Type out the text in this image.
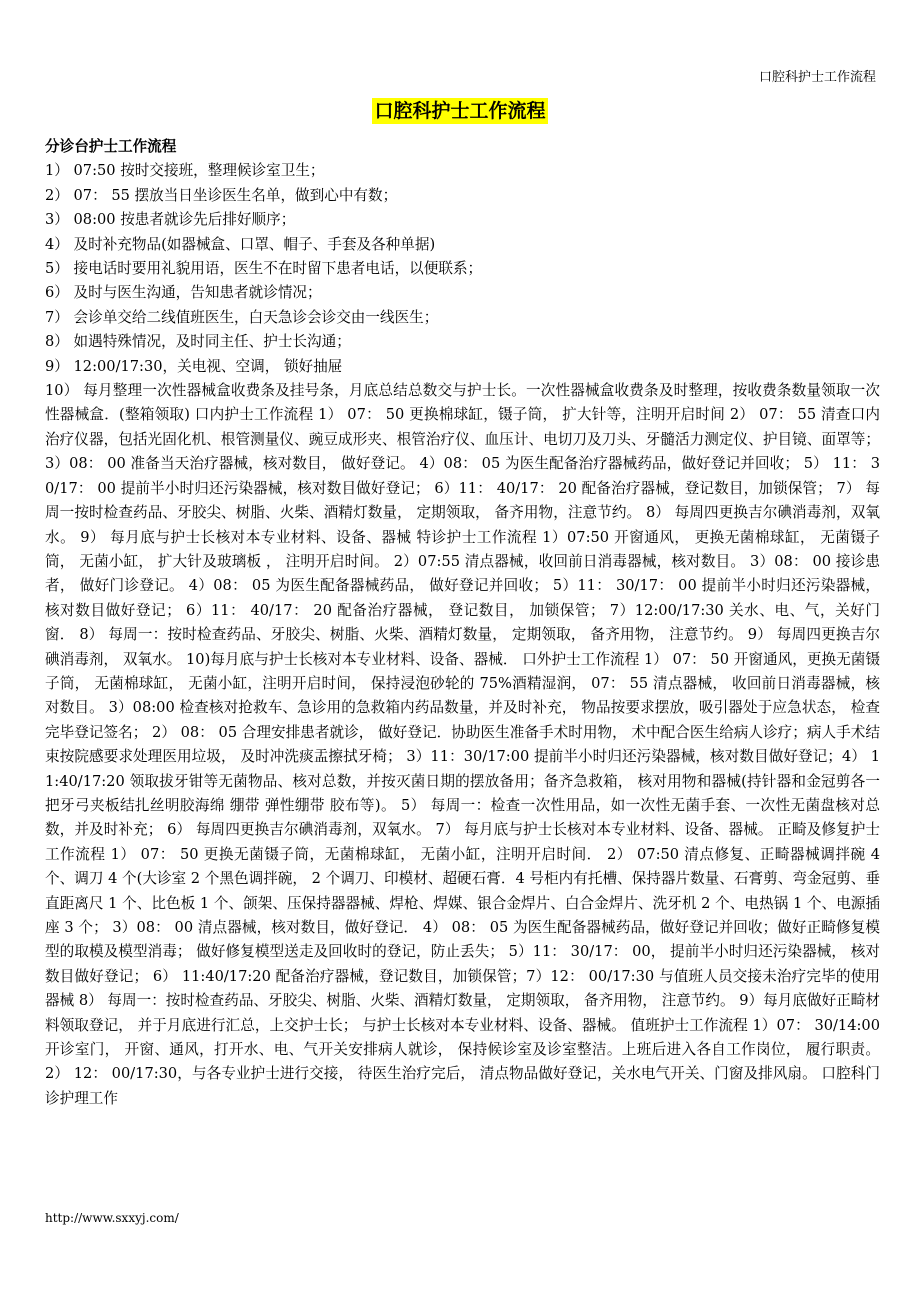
口腔科护士工作流程
口腔科护士工作流程
分诊台护士工作流程
1） 07:50 按时交接班，整理候诊室卫生；
2） 07： 55 摆放当日坐诊医生名单，做到心中有数；
3） 08:00 按患者就诊先后排好顺序；
4） 及时补充物品(如器械盒、口罩、帽子、手套及各种单据)
5） 接电话时要用礼貌用语，医生不在时留下患者电话，以便联系；
6） 及时与医生沟通，告知患者就诊情况；
7） 会诊单交给二线值班医生，白天急诊会诊交由一线医生；
8） 如遇特殊情况，及时同主任、护士长沟通；
9） 12:00/17:30，关电视、空调， 锁好抽屉
10） 每月整理一次性器械盒收费条及挂号条，月底总结总数交与护士长。一次性器械盒收费条及时整理，按收费条数量领取一次性器械盒．(整箱领取) 口内护士工作流程 1） 07： 50 更换棉球缸，镊子筒， 扩大针等，注明开启时间 2） 07： 55 清查口内治疗仪器，包括光固化机、根管测量仪、豌豆成形夹、根管治疗仪、血压计、电切刀及刀头、牙髓活力测定仪、护目镜、面罩等； 3）08： 00 准备当天治疗器械，核对数目， 做好登记。 4）08： 05 为医生配备治疗器械药品，做好登记并回收； 5） 11： 30/17： 00 提前半小时归还污染器械，核对数目做好登记； 6）11： 40/17： 20 配备治疗器械，登记数目，加锁保管； 7） 每周一按时检查药品、牙胶尖、树脂、火柴、酒精灯数量， 定期领取， 备齐用物，注意节约。 8） 每周四更换吉尔碘消毒剂，双氧水。 9） 每月底与护士长核对本专业材料、设备、器械 特诊护士工作流程 1）07:50 开窗通风， 更换无菌棉球缸， 无菌镊子筒， 无菌小缸， 扩大针及玻璃板 ， 注明开启时间。 2）07:55 清点器械，收回前日消毒器械，核对数目。 3）08： 00 接诊患者， 做好门诊登记。 4）08： 05 为医生配备器械药品， 做好登记并回收； 5）11： 30/17： 00 提前半小时归还污染器械， 核对数目做好登记； 6）11： 40/17： 20 配备治疗器械， 登记数目， 加锁保管； 7）12:00/17:30 关水、电、气，关好门窗． 8） 每周一：按时检查药品、牙胶尖、树脂、火柴、酒精灯数量， 定期领取， 备齐用物， 注意节约。 9） 每周四更换吉尔碘消毒剂， 双氧水。 10)每月底与护士长核对本专业材料、设备、器械． 口外护士工作流程 1） 07： 50 开窗通风，更换无菌镊子筒， 无菌棉球缸， 无菌小缸，注明开启时间， 保持浸泡砂轮的 75%酒精湿润， 07： 55 清点器械， 收回前日消毒器械，核对数目。 3）08:00 检查核对抢救车、急诊用的急救箱内药品数量，并及时补充， 物品按要求摆放，吸引器处于应急状态， 检查完毕登记签名； 2） 08： 05 合理安排患者就诊， 做好登记．协助医生准备手术时用物， 术中配合医生给病人诊疗；病人手术结束按院感要求处理医用垃圾， 及时冲洗痰盂擦拭牙椅； 3）11：30/17:00 提前半小时归还污染器械，核对数目做好登记；4） 11:40/17:20 领取拔牙钳等无菌物品、核对总数，并按灭菌日期的摆放备用；备齐急救箱， 核对用物和器械(持针器和金冠剪各一把牙弓夹板结扎丝明胶海绵 绷带 弹性绷带 胶布等)。 5） 每周一：检查一次性用品，如一次性无菌手套、一次性无菌盘核对总数，并及时补充； 6） 每周四更换吉尔碘消毒剂，双氧水。 7） 每月底与护士长核对本专业材料、设备、器械。 正畸及修复护士工作流程 1） 07： 50 更换无菌镊子筒，无菌棉球缸， 无菌小缸，注明开启时间． 2） 07:50 清点修复、正畸器械调拌碗 4 个、调刀 4 个(大诊室 2 个黑色调拌碗， 2 个调刀、印模材、超硬石膏．4 号柜内有托槽、保持器片数量、石膏剪、弯金冠剪、垂直距离尺 1 个、比色板 1 个、颌架、压保持器器械、焊枪、焊媒、银合金焊片、白合金焊片、洗牙机 2 个、电热锅 1 个、电源插座 3 个； 3）08： 00 清点器械，核对数目，做好登记． 4） 08： 05 为医生配备器械药品，做好登记并回收；做好正畸修复模型的取模及模型消毒； 做好修复模型送走及回收时的登记，防止丢失； 5）11： 30/17： 00， 提前半小时归还污染器械， 核对数目做好登记； 6） 11:40/17:20 配备治疗器械，登记数目，加锁保管；7）12： 00/17:30 与值班人员交接未治疗完毕的使用器械 8） 每周一：按时检查药品、牙胶尖、树脂、火柴、酒精灯数量， 定期领取， 备齐用物， 注意节约。 9）每月底做好正畸材料领取登记， 并于月底进行汇总，上交护士长； 与护士长核对本专业材料、设备、器械。 值班护士工作流程 1）07： 30/14:00 开诊室门， 开窗、通风，打开水、电、气开关安排病人就诊， 保持候诊室及诊室整洁。上班后进入各自工作岗位， 履行职责。 2） 12： 00/17:30，与各专业护士进行交接， 待医生治疗完后， 清点物品做好登记，关水电气开关、门窗及排风扇。 口腔科门诊护理工作
http://www.sxxyj.com/
